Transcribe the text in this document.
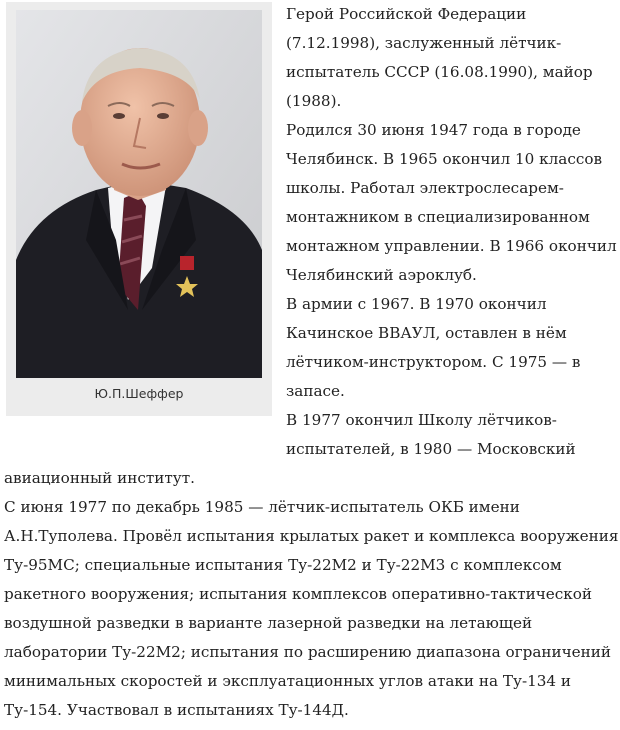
Ю.П.Шеффер
Герой Российской Федерации
(7.12.1998), заслуженный лётчик-
испытатель СССР (16.08.1990), майор
(1988).
Родился 30 июня 1947 года в городе
Челябинск. В 1965 окончил 10 классов
школы. Работал электрослесарем-
монтажником в специализированном
монтажном управлении. В 1966 окончил
Челябинский аэроклуб.
В армии с 1967. В 1970 окончил
Качинское ВВАУЛ, оставлен в нём
лётчиком-инструктором. С 1975 — в
запасе.
В 1977 окончил Школу лётчиков-
испытателей, в 1980 — Московский
авиационный институт.
С июня 1977 по декабрь 1985 — лётчик-испытатель ОКБ имени
А.Н.Туполева. Провёл испытания крылатых ракет и комплекса вооружения
Ту-95МС; специальные испытания Ту-22М2 и Ту-22М3 с комплексом
ракетного вооружения; испытания комплексов оперативно-тактической
воздушной разведки в варианте лазерной разведки на летающей
лаборатории Ту-22М2; испытания по расширению диапазона ограничений
минимальных скоростей и эксплуатационных углов атаки на Ту-134 и
Ту-154. Участвовал в испытаниях Ту-144Д.
